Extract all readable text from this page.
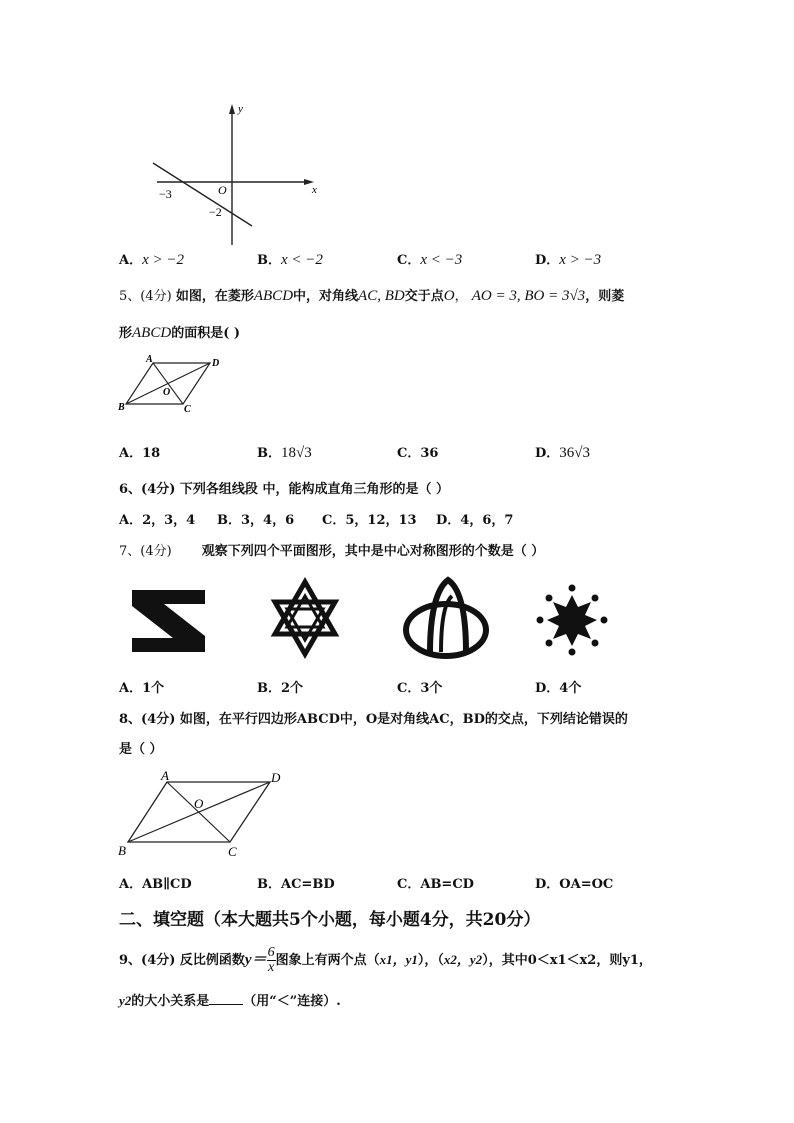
y
x
O
−3
−2
A．x > −2	B．x < −2	C．x < −3	D．x > −3
5、(4分) 如图，在菱形ABCD中，对角线AC, BD交于点O， AO = 3, BO = 3√3，则菱
形ABCD的面积是( )
A	D
B	C
O
A．18	B．18√3	C．36	D．36√3
6、(4分) 下列各组线段 中，能构成直角三角形的是（ ）
A．2，3，4 B．3，4，6 C．5，12，13 D．4，6，7
7、(4分) 观察下列四个平面图形，其中是中心对称图形的个数是（ ）
A．1个	B．2个	C．3个	D．4个
8、(4分) 如图，在平行四边形ABCD中，O是对角线AC，BD的交点，下列结论错误的
是（ ）
A	D
B	C
O
A．AB∥CD	B．AC=BD	C．AB=CD	D．OA=OC
二、填空题（本大题共5个小题，每小题4分，共20分）
9、(4分) 反比例函数$y= \frac{6}{x}$ 图象上有两个点（x1，y1），（x2，y2），其中0＜x1＜x2，则y1，
y2的大小关系是	（用“＜”连接）.
